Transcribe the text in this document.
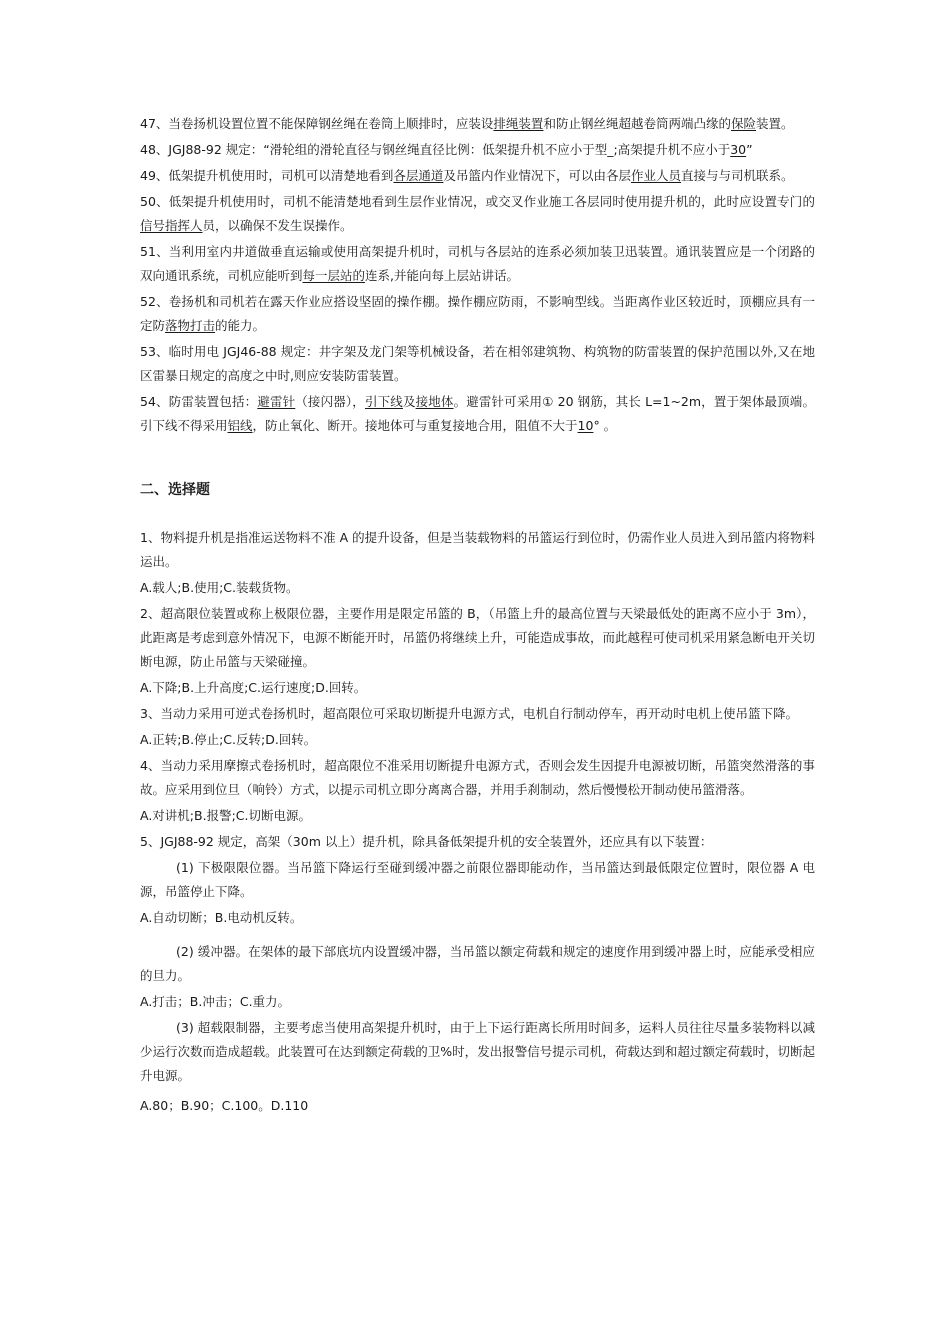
47、当卷扬机设置位置不能保障钢丝绳在卷筒上顺排时，应装设排绳装置和防止钢丝绳超越卷筒两端凸缘的保险装置。

48、JGJ88-92 规定：“滑轮组的滑轮直径与钢丝绳直径比例：低架提升机不应小于型_;高架提升机不应小于30”

49、低架提升机使用时，司机可以清楚地看到各层通道及吊篮内作业情况下，可以由各层作业人员直接与与司机联系。

50、低架提升机使用时，司机不能清楚地看到生层作业情况，或交叉作业施工各层同时使用提升机的，此时应设置专门的信号指挥人员，以确保不发生误操作。

51、当利用室内井道做垂直运输或使用高架提升机时，司机与各层站的连系必须加装卫迅装置。通讯装置应是一个闭路的双向通讯系统，司机应能听到每一层站的连系,并能向每上层站讲话。

52、卷扬机和司机若在露天作业应搭设坚固的操作棚。操作棚应防雨，不影响型线。当距离作业区较近时，顶棚应具有一定防落物打击的能力。

53、临时用电 JGJ46-88 规定：井字架及龙门架等机械设备，若在相邻建筑物、构筑物的防雷装置的保护范围以外,又在地区雷暴日规定的高度之中时,则应安装防雷装置。

54、防雷装置包括：避雷针（接闪器），引下线及接地体。避雷针可采用① 20 钢筋，其长 L=1~2m，置于架体最顶端。引下线不得采用铝线，防止氧化、断开。接地体可与重复接地合用，阻值不大于10° 。

二、选择题

1、物料提升机是指准运送物料不准 A 的提升设备，但是当装载物料的吊篮运行到位时，仍需作业人员进入到吊篮内将物料运出。

A.载人;B.使用;C.装载货物。

2、超高限位装置或称上极限位器，主要作用是限定吊篮的 B，（吊篮上升的最高位置与天梁最低处的距离不应小于 3m），此距离是考虑到意外情况下，电源不断能开时，吊篮仍将继续上升，可能造成事故，而此越程可使司机采用紧急断电开关切断电源，防止吊篮与天梁碰撞。

A.下降;B.上升高度;C.运行速度;D.回转。

3、当动力采用可逆式卷扬机时，超高限位可采取切断提升电源方式，电机自行制动停车，再开动时电机上使吊篮下降。

A.正转;B.停止;C.反转;D.回转。

4、当动力采用摩擦式卷扬机时，超高限位不准采用切断提升电源方式，否则会发生因提升电源被切断，吊篮突然滑落的事故。应采用到位旦（响铃）方式，以提示司机立即分离离合器，并用手刹制动，然后慢慢松开制动使吊篮滑落。

A.对讲机;B.报警;C.切断电源。

5、JGJ88-92 规定，高架（30m 以上）提升机，除具备低架提升机的安全装置外，还应具有以下装置：

(1) 下极限限位器。当吊篮下降运行至碰到缓冲器之前限位器即能动作，当吊篮达到最低限定位置时，限位器 A 电源，吊篮停止下降。

A.自动切断；B.电动机反转。

(2) 缓冲器。在架体的最下部底坑内设置缓冲器，当吊篮以额定荷载和规定的速度作用到缓冲器上时，应能承受相应的旦力。

A.打击；B.冲击；C.重力。

(3) 超载限制器，主要考虑当使用高架提升机时，由于上下运行距离长所用时间多，运料人员往往尽量多装物料以减少运行次数而造成超载。此装置可在达到额定荷载的卫%时，发出报警信号提示司机，荷载达到和超过额定荷载时，切断起升电源。

A.80；B.90；C.100。D.110
